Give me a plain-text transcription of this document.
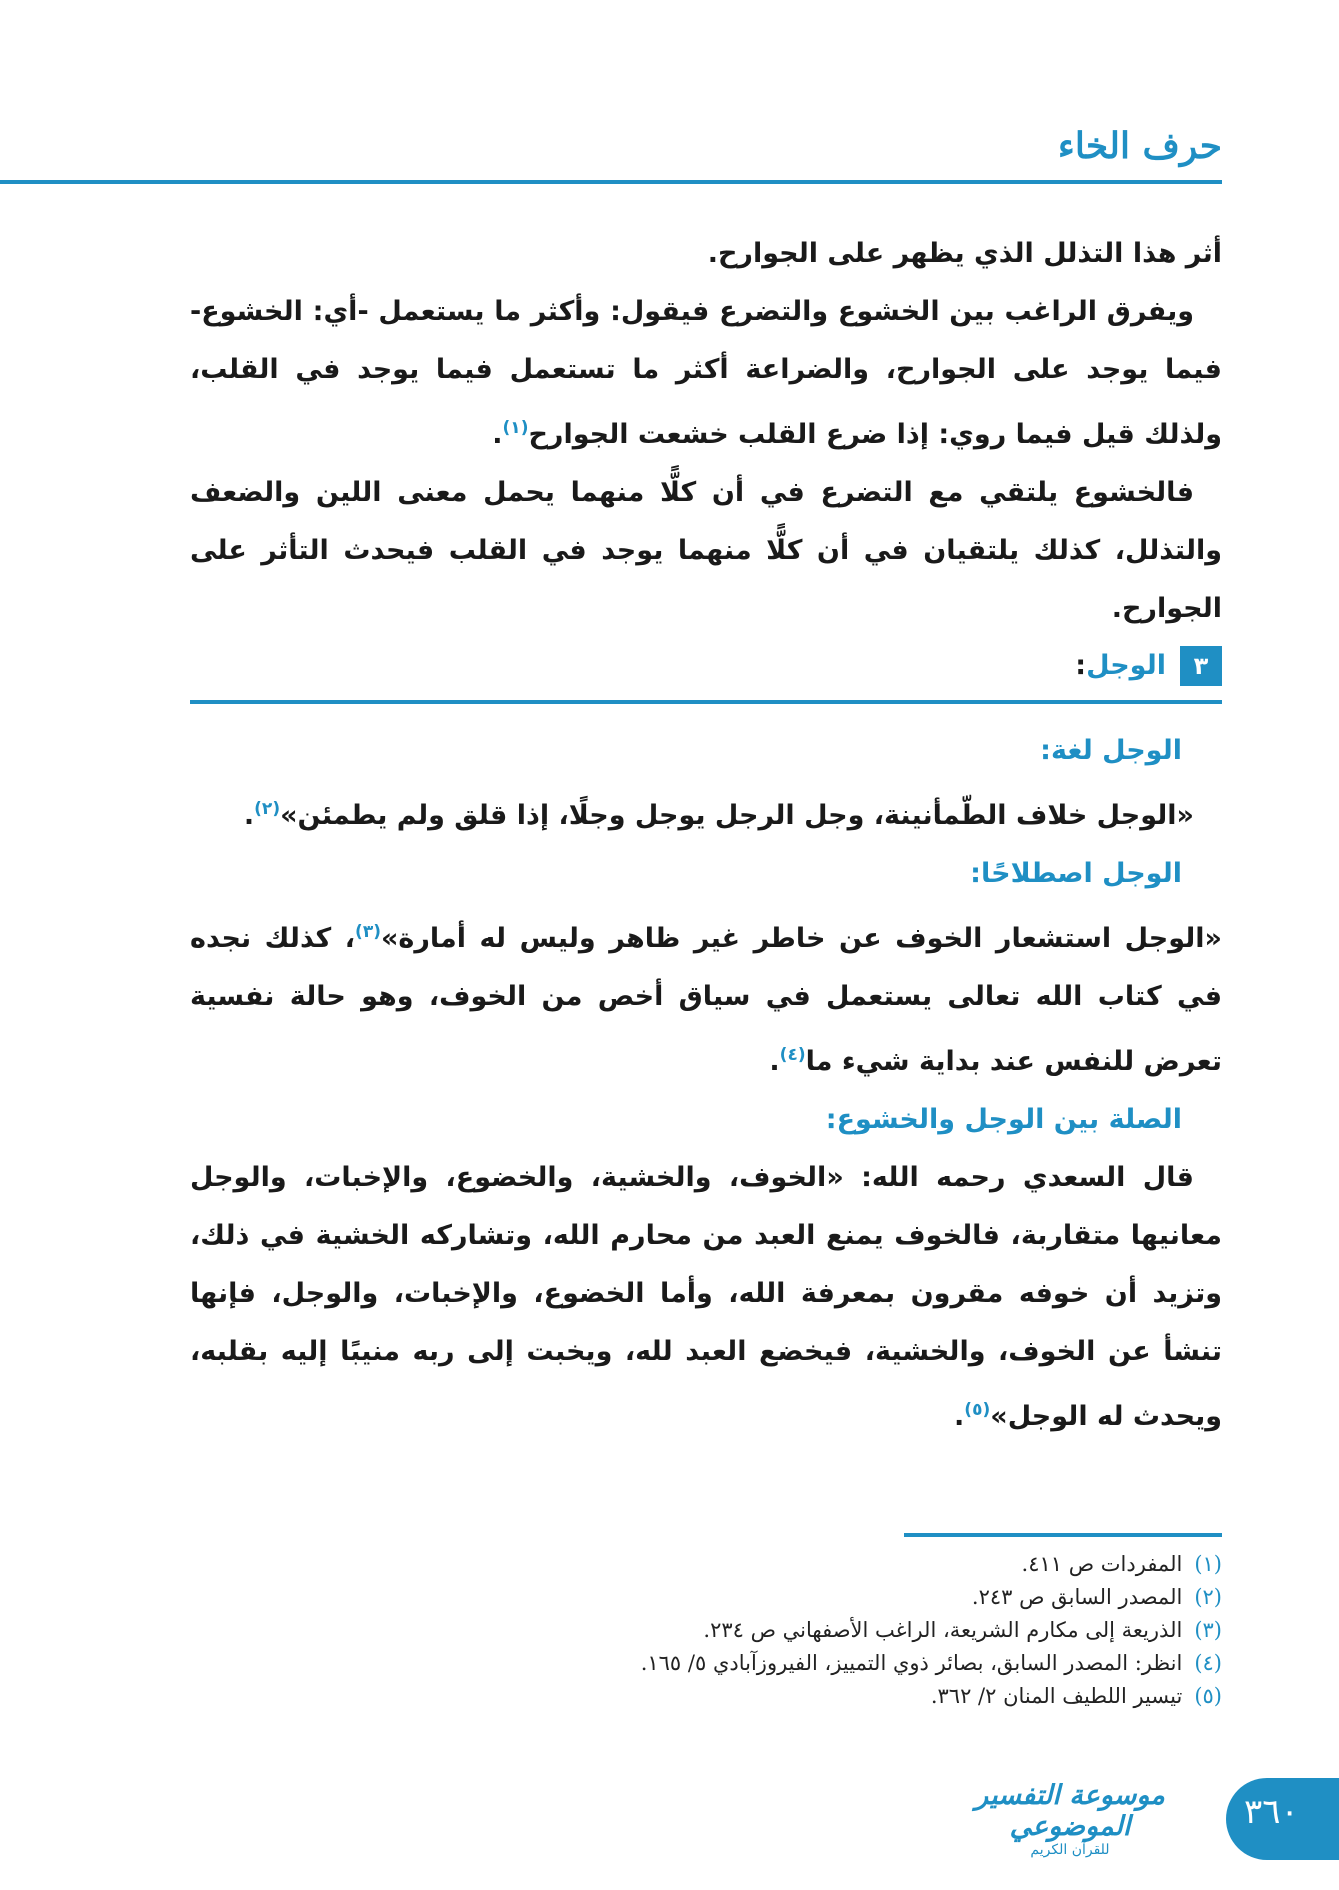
حرف الخاء

أثر هذا التذلل الذي يظهر على الجوارح.

ويفرق الراغب بين الخشوع والتضرع فيقول: وأكثر ما يستعمل -أي: الخشوع- فيما يوجد على الجوارح، والضراعة أكثر ما تستعمل فيما يوجد في القلب، ولذلك قيل فيما روي: إذا ضرع القلب خشعت الجوارح$^{(١)}$.

فالخشوع يلتقي مع التضرع في أن كلًّا منهما يحمل معنى اللين والضعف والتذلل، كذلك يلتقيان في أن كلًّا منهما يوجد في القلب فيحدث التأثر على الجوارح.

٣
الوجل:

الوجل لغة:

«الوجل خلاف الطّمأنينة، وجل الرجل يوجل وجلًا، إذا قلق ولم يطمئن»$^{(٢)}$.

الوجل اصطلاحًا:

«الوجل استشعار الخوف عن خاطر غير ظاهر وليس له أمارة»$^{(٣)}$، كذلك نجده في كتاب الله تعالى يستعمل في سياق أخص من الخوف، وهو حالة نفسية تعرض للنفس عند بداية شيء ما$^{(٤)}$.

الصلة بين الوجل والخشوع:

قال السعدي رحمه الله: «الخوف، والخشية، والخضوع، والإخبات، والوجل معانيها متقاربة، فالخوف يمنع العبد من محارم الله، وتشاركه الخشية في ذلك، وتزيد أن خوفه مقرون بمعرفة الله، وأما الخضوع، والإخبات، والوجل، فإنها تنشأ عن الخوف، والخشية، فيخضع العبد لله، ويخبت إلى ربه منيبًا إليه بقلبه، ويحدث له الوجل»$^{(٥)}$.

(١)المفردات ص ٤١١.
(٢)المصدر السابق ص ٢٤٣.
(٣)الذريعة إلى مكارم الشريعة، الراغب الأصفهاني ص ٢٣٤.
(٤)انظر: المصدر السابق، بصائر ذوي التمييز، الفيروزآبادي ٥/ ١٦٥.
(٥)تيسير اللطيف المنان ٢/ ٣٦٢.
موسوعة التفسير الموضوعي
للقرآن الكريم
٣٦٠
